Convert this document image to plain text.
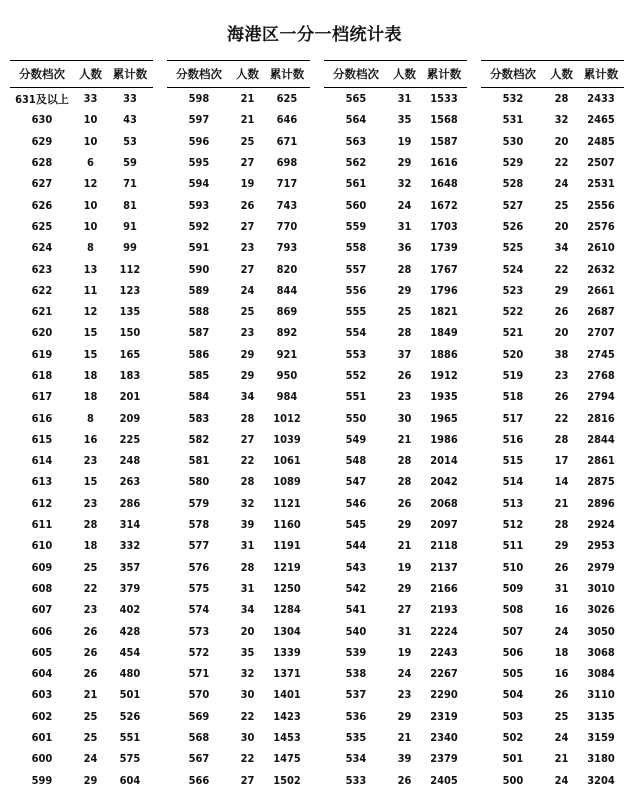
海港区一分一档统计表
分数档次	人数	累计数
631及以上	33	33
630	10	43
629	10	53
628	6	59
627	12	71
626	10	81
625	10	91
624	8	99
623	13	112
622	11	123
621	12	135
620	15	150
619	15	165
618	18	183
617	18	201
616	8	209
615	16	225
614	23	248
613	15	263
612	23	286
611	28	314
610	18	332
609	25	357
608	22	379
607	23	402
606	26	428
605	26	454
604	26	480
603	21	501
602	25	526
601	25	551
600	24	575
599	29	604
分数档次	人数	累计数
598	21	625
597	21	646
596	25	671
595	27	698
594	19	717
593	26	743
592	27	770
591	23	793
590	27	820
589	24	844
588	25	869
587	23	892
586	29	921
585	29	950
584	34	984
583	28	1012
582	27	1039
581	22	1061
580	28	1089
579	32	1121
578	39	1160
577	31	1191
576	28	1219
575	31	1250
574	34	1284
573	20	1304
572	35	1339
571	32	1371
570	30	1401
569	22	1423
568	30	1453
567	22	1475
566	27	1502
分数档次	人数	累计数
565	31	1533
564	35	1568
563	19	1587
562	29	1616
561	32	1648
560	24	1672
559	31	1703
558	36	1739
557	28	1767
556	29	1796
555	25	1821
554	28	1849
553	37	1886
552	26	1912
551	23	1935
550	30	1965
549	21	1986
548	28	2014
547	28	2042
546	26	2068
545	29	2097
544	21	2118
543	19	2137
542	29	2166
541	27	2193
540	31	2224
539	19	2243
538	24	2267
537	23	2290
536	29	2319
535	21	2340
534	39	2379
533	26	2405
分数档次	人数	累计数
532	28	2433
531	32	2465
530	20	2485
529	22	2507
528	24	2531
527	25	2556
526	20	2576
525	34	2610
524	22	2632
523	29	2661
522	26	2687
521	20	2707
520	38	2745
519	23	2768
518	26	2794
517	22	2816
516	28	2844
515	17	2861
514	14	2875
513	21	2896
512	28	2924
511	29	2953
510	26	2979
509	31	3010
508	16	3026
507	24	3050
506	18	3068
505	16	3084
504	26	3110
503	25	3135
502	24	3159
501	21	3180
500	24	3204
